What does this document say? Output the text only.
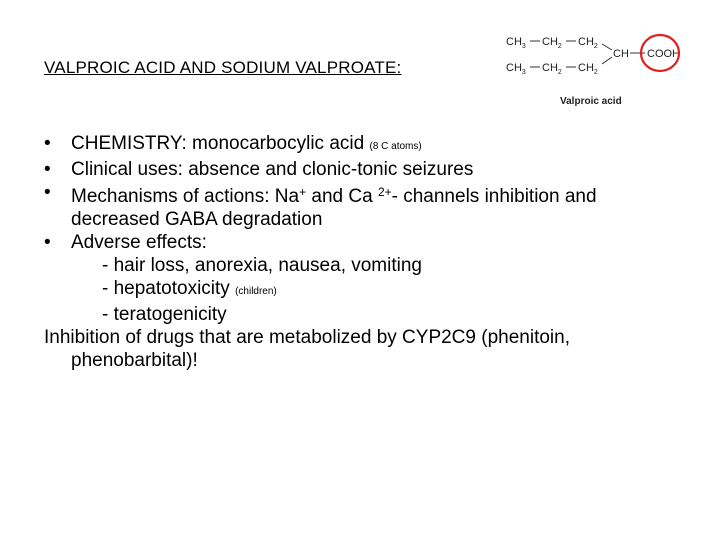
VALPROIC ACID AND SODIUM VALPROATE:
$CH_3$ $CH_2$ $CH_2$
CH COOH
$CH_3$ $CH_2$ $CH_2$
Valproic acid
• CHEMISTRY: monocarbocylic acid (8 C atoms)
• Clinical uses: absence and clonic-tonic seizures
• Mechanisms of actions: Na+ and Ca $^{2+}$- channels inhibition and
decreased GABA degradation
• Adverse effects:
- hair loss, anorexia, nausea, vomiting
- hepatotoxicity (children)
- teratogenicity
Inhibition of drugs that are metabolized by CYP2C9 (phenitoin,
phenobarbital)!
